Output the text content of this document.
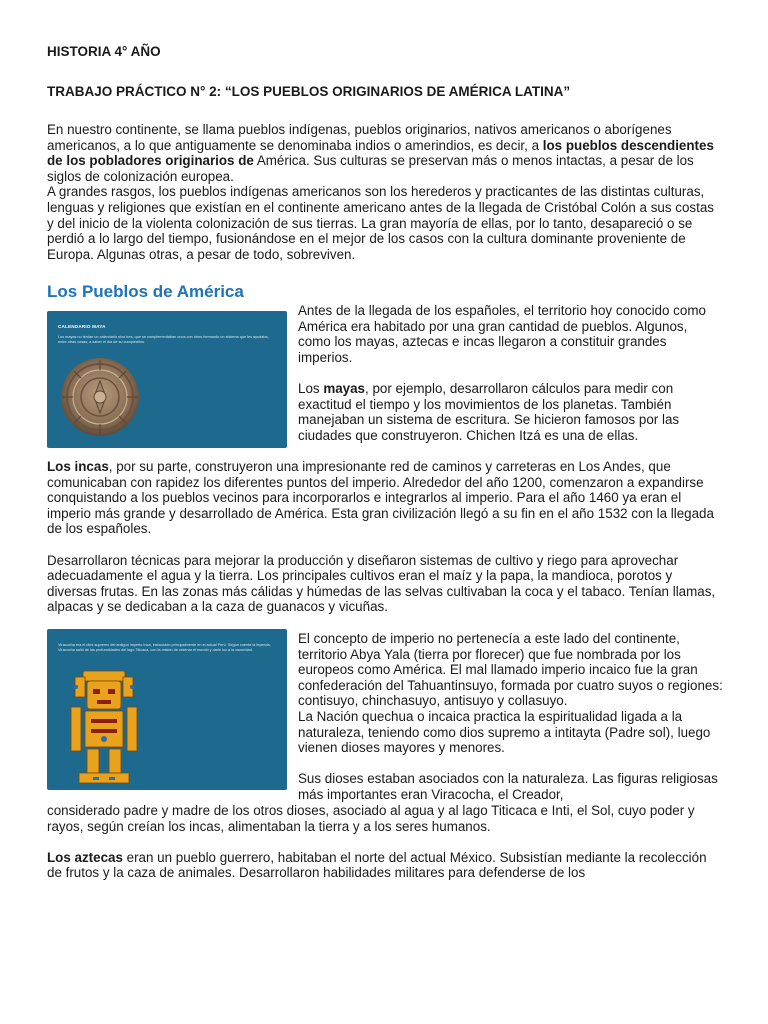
HISTORIA 4° AÑO
TRABAJO PRÁCTICO N° 2: “LOS PUEBLOS ORIGINARIOS DE AMÉRICA LATINA”

En nuestro continente, se llama pueblos indígenas, pueblos originarios, nativos americanos o aborígenes americanos, a lo que antiguamente se denominaba indios o amerindios, es decir, a los pueblos descendientes de los pobladores originarios de América. Sus culturas se preservan más o menos intactas, a pesar de los siglos de colonización europea.

A grandes rasgos, los pueblos indígenas americanos son los herederos y practicantes de las distintas culturas, lenguas y religiones que existían en el continente americano antes de la llegada de Cristóbal Colón a sus costas y del inicio de la violenta colonización de sus tierras. La gran mayoría de ellas, por lo tanto, desapareció o se perdió a lo largo del tiempo, fusionándose en el mejor de los casos con la cultura dominante proveniente de Europa. Algunas otras, a pesar de todo, sobreviven.

Los Pueblos de América
CALENDARIO MAYA
Los mayas no tenían un calendario sino tres, que se complementaban unos con otros formando un sistema que les ayudaba, entre otras cosas, a saber el día de su cumpleaños.

Antes de la llegada de los españoles, el territorio hoy conocido como América era habitado por una gran cantidad de pueblos. Algunos, como los mayas, aztecas e incas llegaron a constituir grandes imperios.

Los mayas, por ejemplo, desarrollaron cálculos para medir con exactitud el tiempo y los movimientos de los planetas. También manejaban un sistema de escritura. Se hicieron famosos por las ciudades que construyeron. Chichen Itzá es una de ellas.

Los incas, por su parte, construyeron una impresionante red de caminos y carreteras en Los Andes, que comunicaban con rapidez los diferentes puntos del imperio. Alrededor del año 1200, comenzaron a expandirse conquistando a los pueblos vecinos para incorporarlos e integrarlos al imperio. Para el año 1460 ya eran el imperio más grande y desarrollado de América. Esta gran civilización llegó a su fin en el año 1532 con la llegada de los españoles.

Desarrollaron técnicas para mejorar la producción y diseñaron sistemas de cultivo y riego para aprovechar adecuadamente el agua y la tierra. Los principales cultivos eran el maíz y la papa, la mandioca, porotos y diversas frutas. En las zonas más cálidas y húmedas de las selvas cultivaban la coca y el tabaco. Tenían llamas, alpacas y se dedicaban a la caza de guanacos y vicuñas.

Viracocha era el dios supremo del antiguo imperio Inca, instaurado principalmente en el actual Perú. Según cuenta la leyenda, Viracocha salió de las profundidades del lago Titicaca, con la misión de ordenar el mundo y darle luz a la oscuridad.

El concepto de imperio no pertenecía a este lado del continente, territorio Abya Yala (tierra por florecer) que fue nombrada por los europeos como América. El mal llamado imperio incaico fue la gran confederación del Tahuantinsuyo, formada por cuatro suyos o regiones: contisuyo, chinchasuyo, antisuyo y collasuyo.

La Nación quechua o incaica practica la espiritualidad ligada a la naturaleza, teniendo como dios supremo a intitayta (Padre sol), luego vienen dioses mayores y menores.

Sus dioses estaban asociados con la naturaleza. Las figuras religiosas más importantes eran Viracocha, el Creador,

considerado padre y madre de los otros dioses, asociado al agua y al lago Titicaca e Inti, el Sol, cuyo poder y rayos, según creían los incas, alimentaban la tierra y a los seres humanos.

Los aztecas eran un pueblo guerrero, habitaban el norte del actual México. Subsistían mediante la recolección de frutos y la caza de animales. Desarrollaron habilidades militares para defenderse de los
